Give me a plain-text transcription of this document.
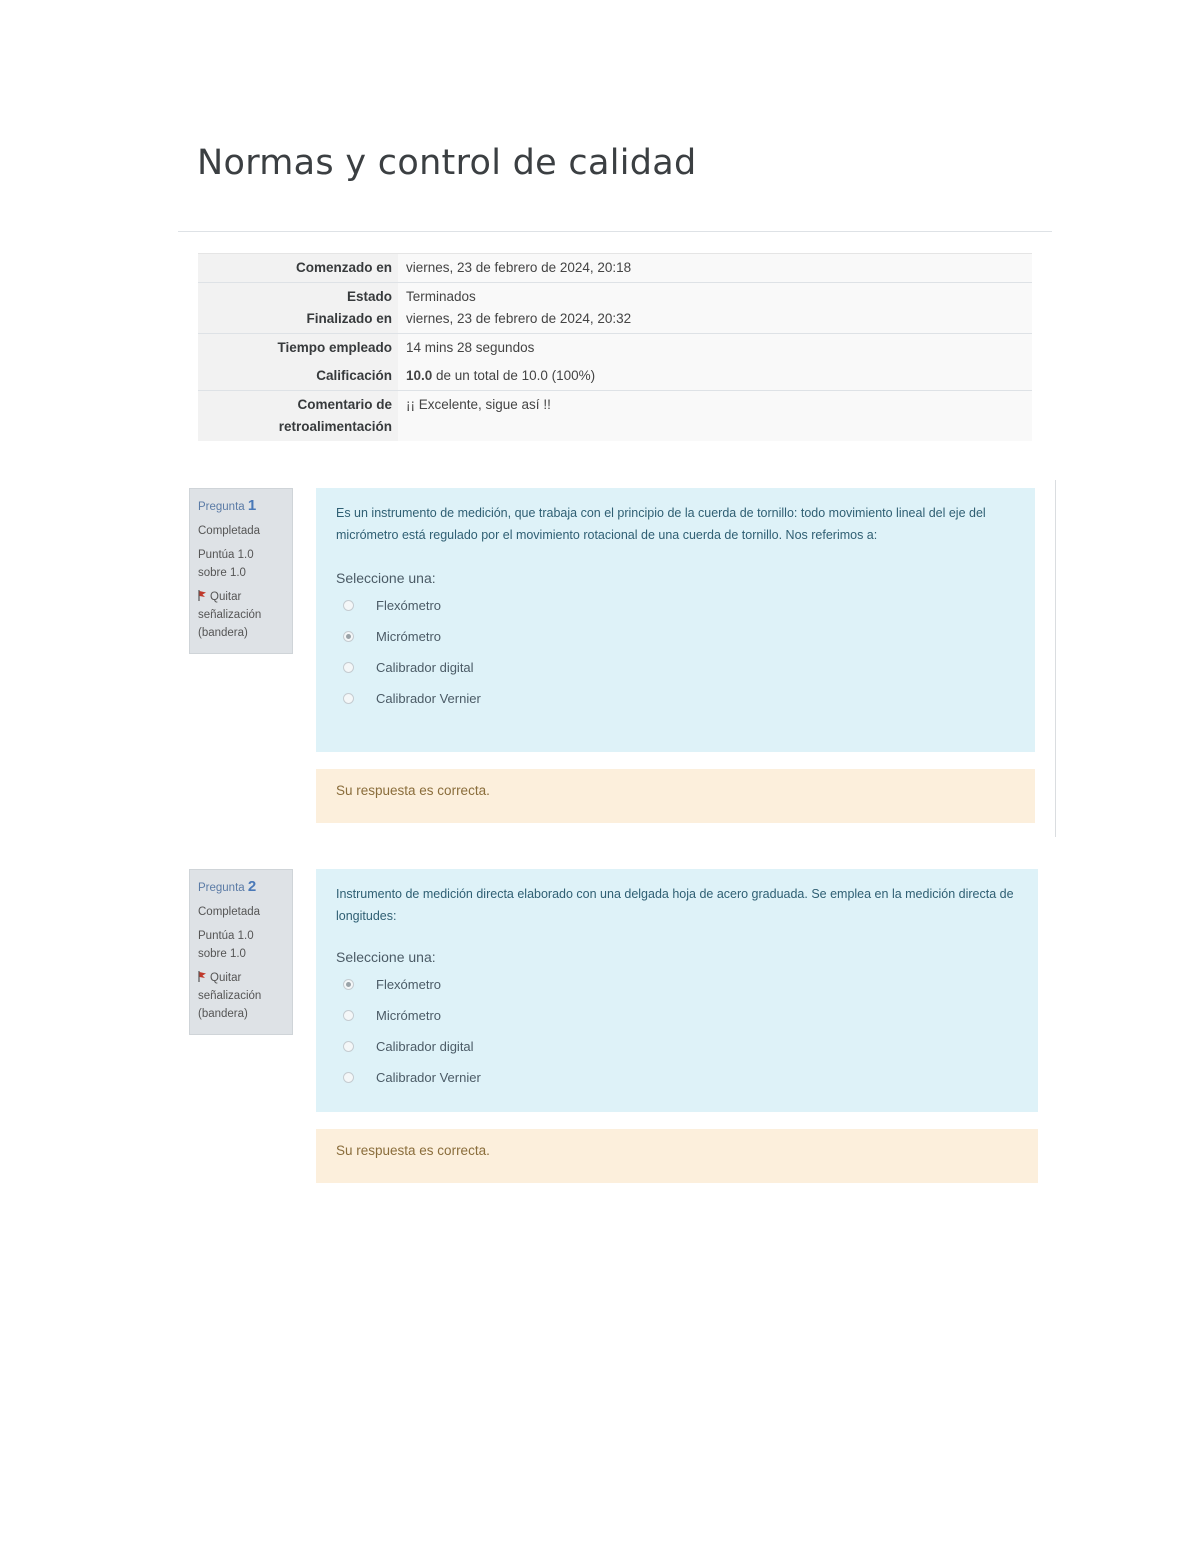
Normas y control de calidad
Comenzado en	viernes, 23 de febrero de 2024, 20:18
Estado	Terminados
Finalizado en	viernes, 23 de febrero de 2024, 20:32
Tiempo empleado	14 mins 28 segundos
Calificación	10.0 de un total de 10.0 (100%)
Comentario de retroalimentación	¡¡ Excelente, sigue así !!

Pregunta 1

Completada

Puntúa 1.0 sobre 1.0

Quitar señalización (bandera)

Es un instrumento de medición, que trabaja con el principio de la cuerda de tornillo: todo movimiento lineal del eje del micrómetro está regulado por el movimiento rotacional de una cuerda de tornillo. Nos referimos a:

Seleccione una:

Flexómetro
Micrómetro
Calibrador digital
Calibrador Vernier
Su respuesta es correcta.

Pregunta 2

Completada

Puntúa 1.0 sobre 1.0

Quitar señalización (bandera)

Instrumento de medición directa elaborado con una delgada hoja de acero graduada. Se emplea en la medición directa de longitudes:

Seleccione una:

Flexómetro
Micrómetro
Calibrador digital
Calibrador Vernier
Su respuesta es correcta.
